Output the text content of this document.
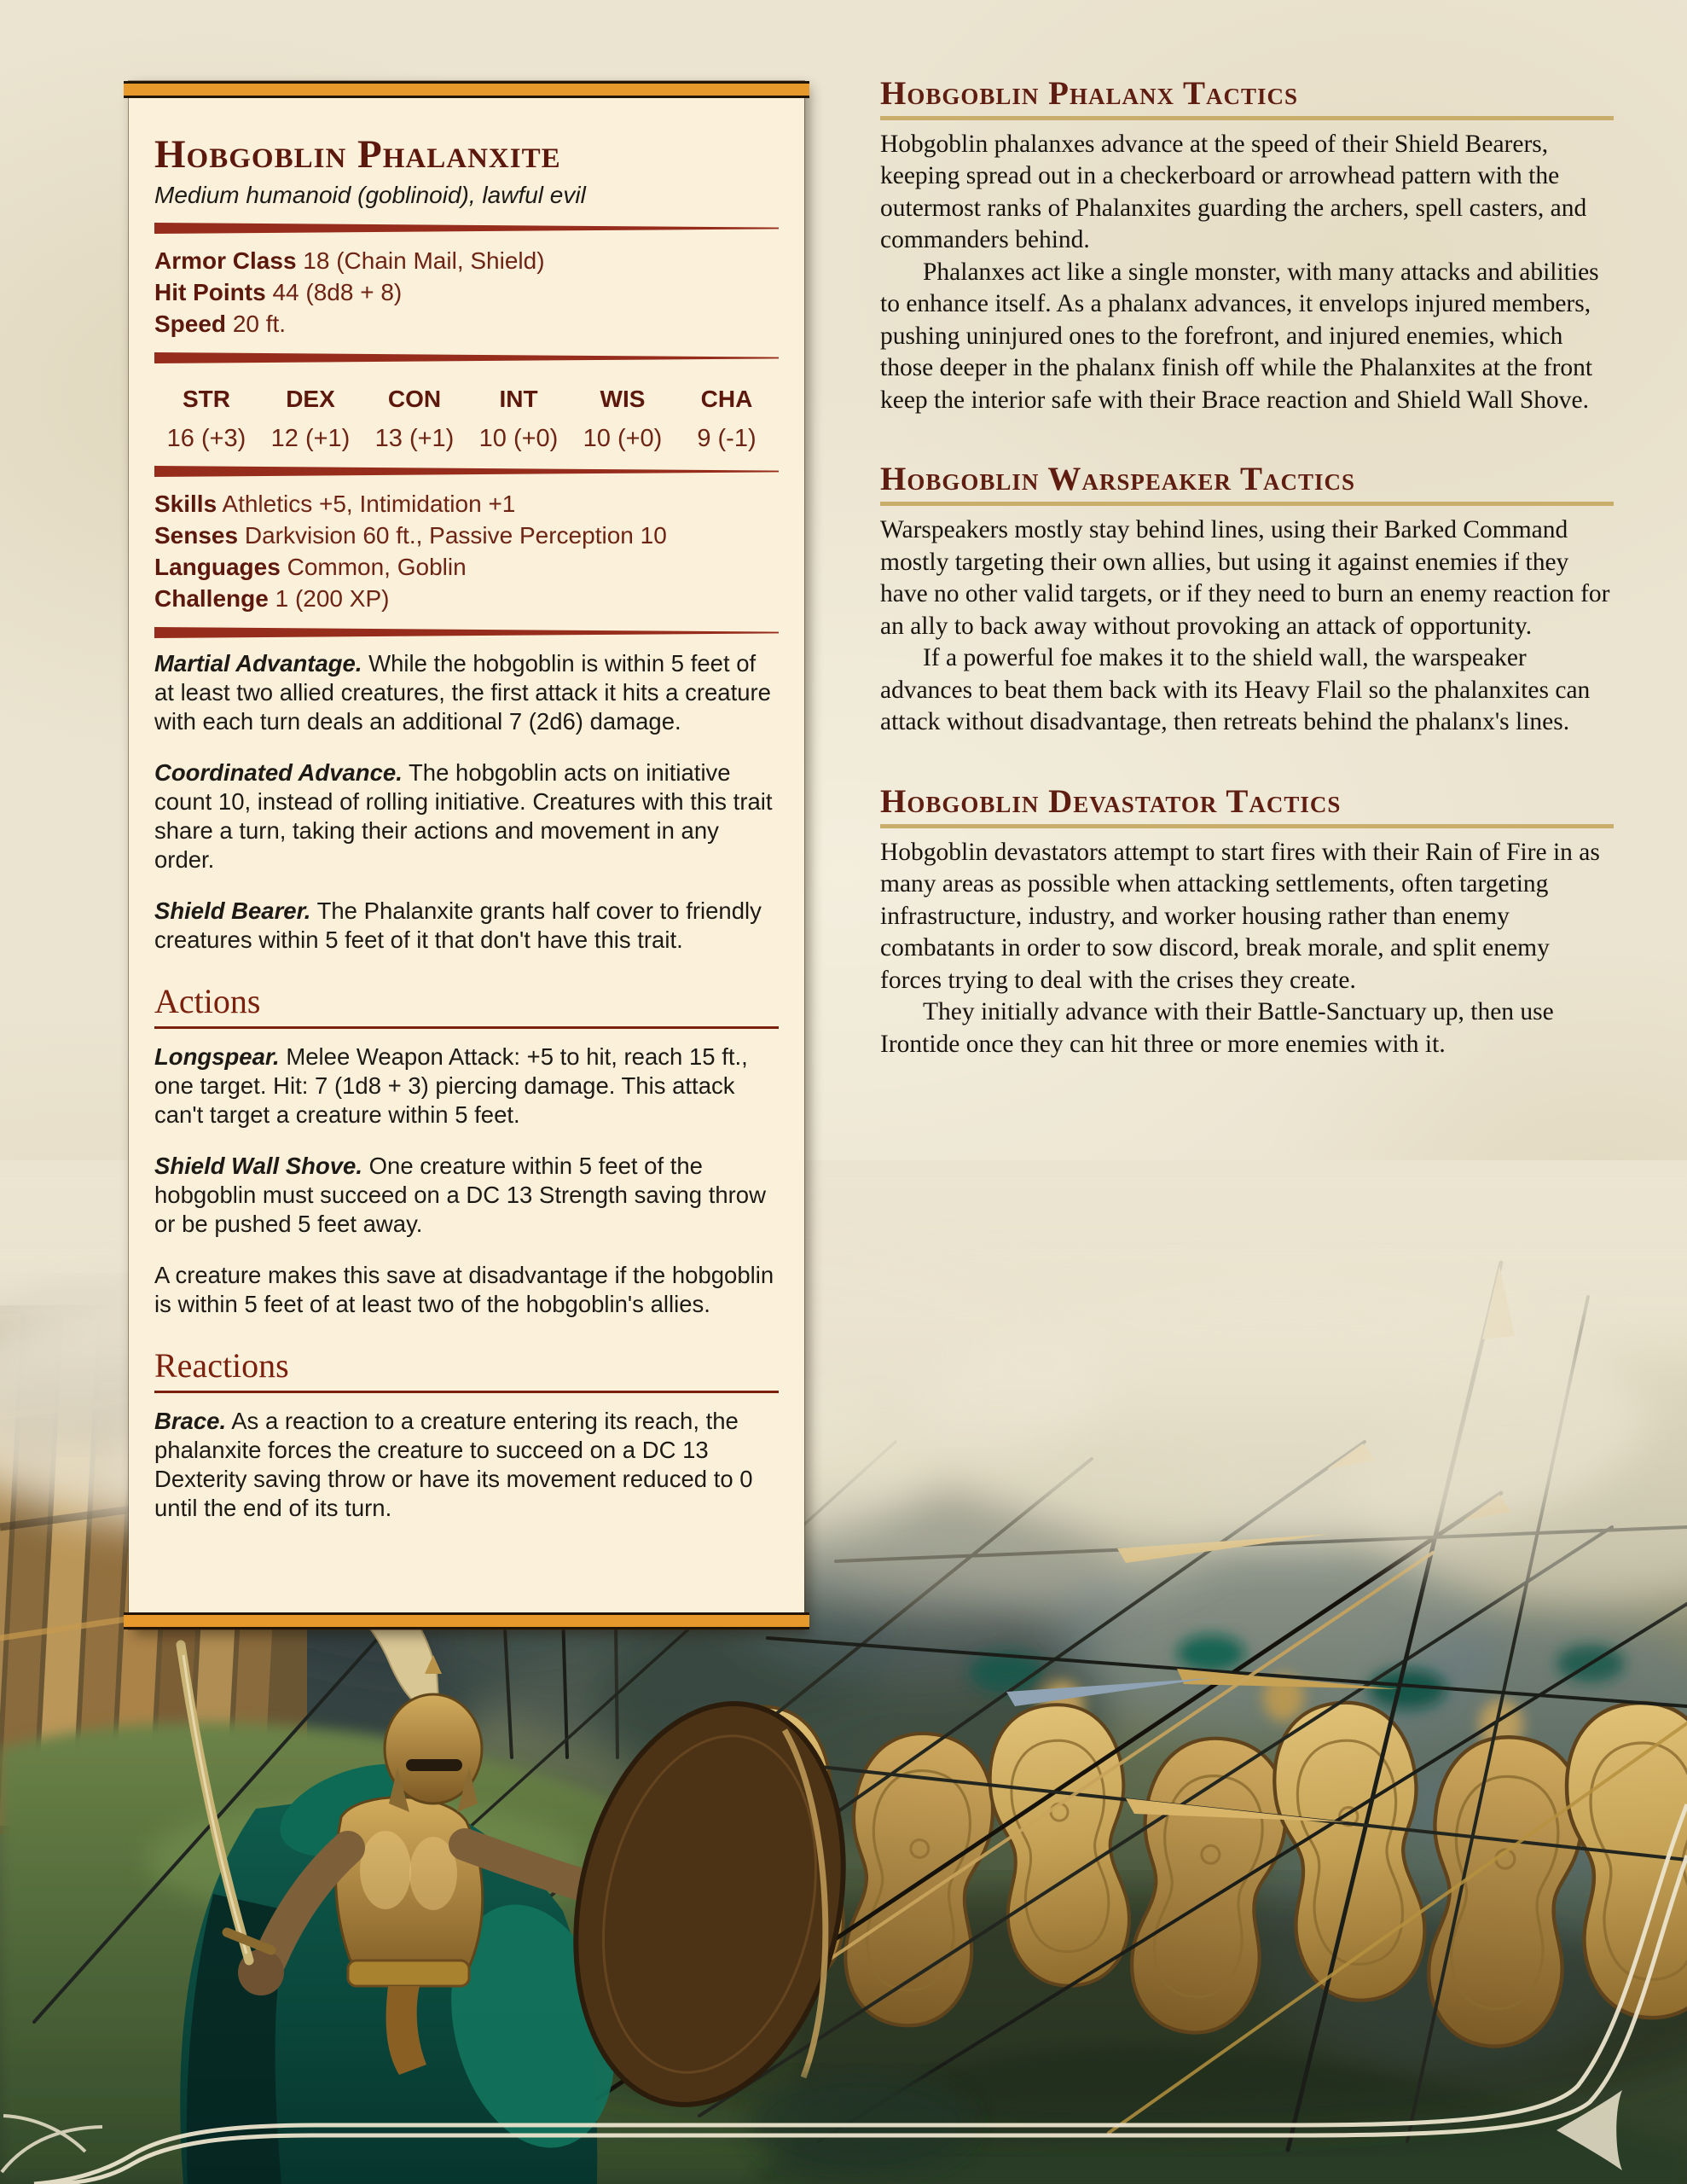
Hobgoblin Phalanxite

Medium humanoid (goblinoid), lawful evil

Armor Class 18 (Chain Mail, Shield)
Hit Points 44 (8d8 + 8)
Speed 20 ft.
STR
16 (+3)
DEX
12 (+1)
CON
13 (+1)
INT
10 (+0)
WIS
10 (+0)
CHA
9 (-1)
Skills Athletics +5, Intimidation +1
Senses Darkvision 60 ft., Passive Perception 10
Languages Common, Goblin
Challenge 1 (200 XP)

Martial Advantage. While the hobgoblin is within 5 feet of at least two allied creatures, the first attack it hits a creature with each turn deals an additional 7 (2d6) damage.

Coordinated Advance. The hobgoblin acts on initiative count 10, instead of rolling initiative. Creatures with this trait share a turn, taking their actions and movement in any order.

Shield Bearer. The Phalanxite grants half cover to friendly creatures within 5 feet of it that don't have this trait.

Actions

Longspear. Melee Weapon Attack: +5 to hit, reach 15 ft., one target. Hit: 7 (1d8 + 3) piercing damage. This attack can't target a creature within 5 feet.

Shield Wall Shove. One creature within 5 feet of the hobgoblin must succeed on a DC 13 Strength saving throw or be pushed 5 feet away.

A creature makes this save at disadvantage if the hobgoblin is within 5 feet of at least two of the hobgoblin's allies.

Reactions

Brace. As a reaction to a creature entering its reach, the phalanxite forces the creature to succeed on a DC 13 Dexterity saving throw or have its movement reduced to 0 until the end of its turn.

Hobgoblin Phalanx Tactics

Hobgoblin phalanxes advance at the speed of their Shield Bearers, keeping spread out in a checkerboard or arrowhead pattern with the outermost ranks of Phalanxites guarding the archers, spell casters, and commanders behind.

Phalanxes act like a single monster, with many attacks and abilities to enhance itself. As a phalanx advances, it envelops injured members, pushing uninjured ones to the forefront, and injured enemies, which those deeper in the phalanx finish off while the Phalanxites at the front keep the interior safe with their Brace reaction and Shield Wall Shove.

Hobgoblin Warspeaker Tactics

Warspeakers mostly stay behind lines, using their Barked Command mostly targeting their own allies, but using it against enemies if they have no other valid targets, or if they need to burn an enemy reaction for an ally to back away without provoking an attack of opportunity.

If a powerful foe makes it to the shield wall, the warspeaker advances to beat them back with its Heavy Flail so the phalanxites can attack without disadvantage, then retreats behind the phalanx's lines.

Hobgoblin Devastator Tactics

Hobgoblin devastators attempt to start fires with their Rain of Fire in as many areas as possible when attacking settlements, often targeting infrastructure, industry, and worker housing rather than enemy combatants in order to sow discord, break morale, and split enemy forces trying to deal with the crises they create.

They initially advance with their Battle-Sanctuary up, then use Irontide once they can hit three or more enemies with it.
